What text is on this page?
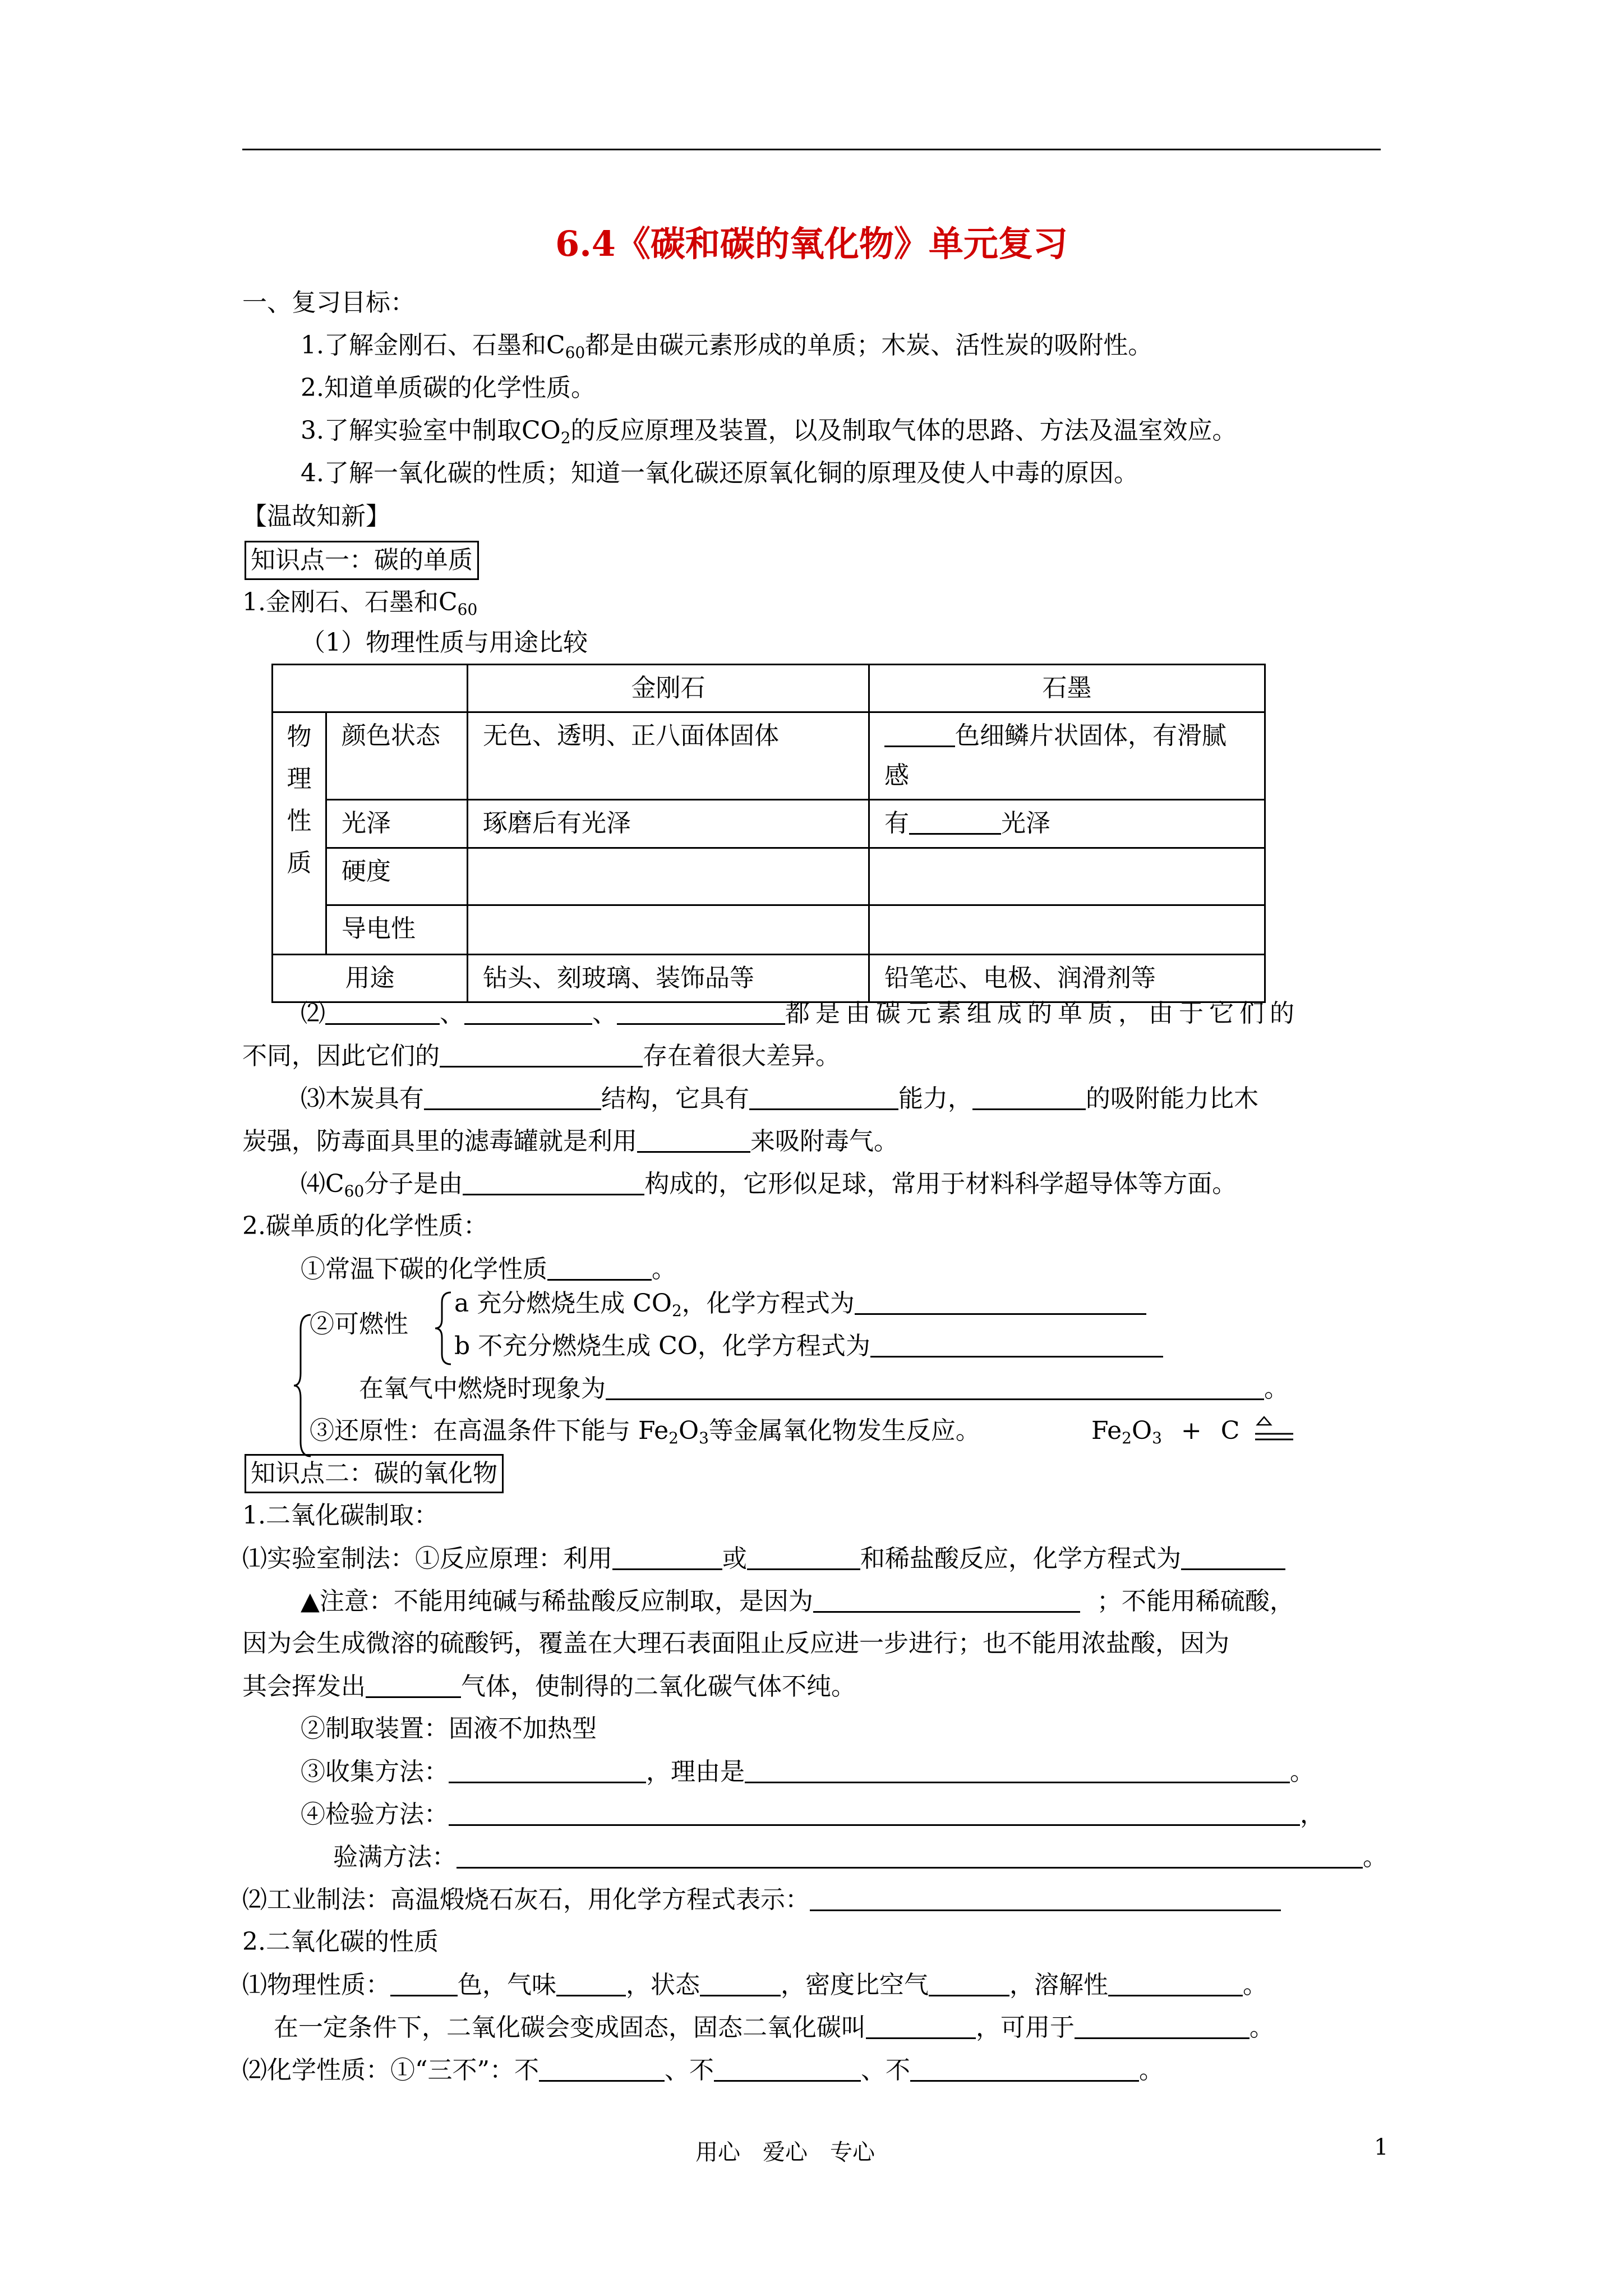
6.4《碳和碳的氧化物》单元复习
一、复习目标：
1.了解金刚石、石墨和$C_{60}$都是由碳元素形成的单质；木炭、活性炭的吸附性。
2.知道单质碳的化学性质。
3.了解实验室中制取$CO_2$的反应原理及装置，以及制取气体的思路、方法及温室效应。
4.了解一氧化碳的性质；知道一氧化碳还原氧化铜的原理及使人中毒的原因。
【温故知新】
知识点一：碳的单质
1.金刚石、石墨和$C_{60}$
（1）物理性质与用途比较
		金刚石	石墨
物
理
性
质	颜色状态	无色、透明、正八面体固体	色细鳞片状固体，有滑腻感
	光泽	琢磨后有光泽	有 光泽
	硬度		
	导电性		
用途		钻头、刻玻璃、装饰品等	铅笔芯、电极、润滑剂等
⑵	、	、	都是由碳元素组成的单质，由于它们的
不同，因此它们的	存在着很大差异。
⑶木炭具有	结构，它具有	能力，	的吸附能力比木
炭强，防毒面具里的滤毒罐就是利用	来吸附毒气。
$⑷C_{60}$分子是由	构成的，它形似足球，常用于材料科学超导体等方面。
2.碳单质的化学性质：
①常温下碳的化学性质	。
a 充分燃烧生成 $CO_2$，化学方程式为
②可燃性
b 不充分燃烧生成 CO，化学方程式为
在氧气中燃烧时现象为	。
③还原性：在高温条件下能与 $Fe_2O_3$等金属氧化物发生反应。	$Fe_2O_3 + C$
知识点二：碳的氧化物
1.二氧化碳制取：
⑴实验室制法：①反应原理：利用	或	和稀盐酸反应，化学方程式为
▲注意：不能用纯碱与稀盐酸反应制取，是因为	；不能用稀硫酸，
因为会生成微溶的硫酸钙，覆盖在大理石表面阻止反应进一步进行；也不能用浓盐酸，因为
其会挥发出	气体，使制得的二氧化碳气体不纯。
②制取装置：固液不加热型
③收集方法：	，理由是	。
④检验方法：	，
验满方法：	。
⑵工业制法：高温煅烧石灰石，用化学方程式表示：
2.二氧化碳的性质
⑴物理性质：	色，气味	，状态	，密度比空气	，溶解性	。
在一定条件下，二氧化碳会变成固态，固态二氧化碳叫	，可用于	。
⑵化学性质：①“三不”：不	、不	、不	。
用心　爱心　专心	1
